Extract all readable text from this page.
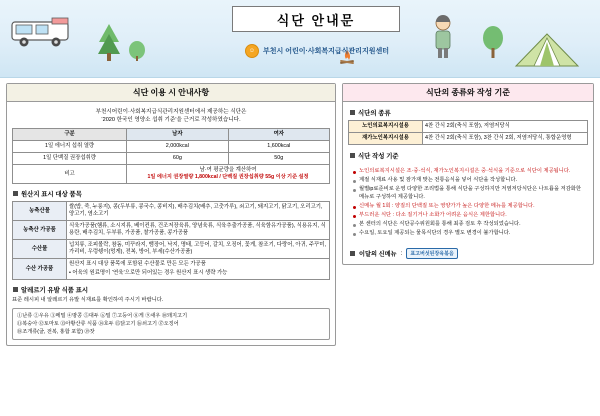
식단 안내문
☺	부천시 어린이·사회복지급식관리지원센터
식단 이용 시 안내사항
부천시어린이·사회복지급식관리지원센터에서 제공하는 식단은
‘2020 한국인 영양소 섭취 기준’을 근거로 작성하였습니다.
구분	남자	여자
1일 에너지 섭취 열량	2,000kcal	1,600kcal
1일 단백질 권장섭취량	60g	50g
비고	남·여 평균량을 계산하여
1일 에너지 권장열량 1,800kcal / 단백질 권장섭취량 55g 이상 기준 설정	
원산지 표시 대상 품목
농축산물	쌀(밥, 죽, 누룽지), 콩(두부류, 콩국수, 콩비지), 배추김치(배추, 고춧가루), 쇠고기, 돼지고기, 닭고기, 오리고기, 양고기, 염소고기
농축산 가공품	식육가공품(햄류, 소시지류, 베이컨류, 건조저장육류, 양념육류, 식육추출가공품, 식육함유가공품), 식용유지, 식용란, 배추김치, 두부류, 가공품, 찰가공품, 콩가공품
수산물	넙치류, 조피볼락, 참돔, 미꾸라지, 뱀장어, 낙지, 명태, 고등어, 갈치, 오징어, 꽃게, 참조기, 다랑어, 아귀, 주꾸미, 가리비, 우렁쉥이(멍게), 전복, 방어, 부세(수산가공품)
수산 가공품	원산지 표시 대상 품목에 포함된 수산물로 만든 모든 가공품
• 어육의 원료명이 ‘연육’으로만 되어있는 경우 원산지 표시 생략 가능
알레르기 유발 식품 표시
표준 레시피 내 알레르기 유발 식재료를 확인하여 주시기 바랍니다.
①난류 ②우유 ③메밀 ④땅콩 ⑤대두 ⑥밀 ⑦고등어 ⑧게 ⑨새우 ⑩돼지고기
⑪복숭아 ⑫토마토 ⑬아황산류 식품 ⑭호두 ⑮닭고기 ⑯쇠고기 ⑰오징어
⑱조개류(굴, 전복, 홍합 포함) ⑲잣
식단의 종류와 작성 기준
식단의 종류
노인의료복지시설용	4찬 간식 2회(축식 포함), 저염저당식
재가노인복지시설용	4찬 간식 2회(축식 포함), 3찬 간식 2회, 저염저당식, 통합운영형
식단 작성 기준
노인의료복지시설은 조·중·석식, 재가노인복지시설은 중·석식을 기준으로 식단이 제공됩니다.
계절 식재료 사용 및 잠가재 맞는 전통음식을 넣어 식단을 작성합니다.
월별ір료준비로 운영 다양한 조리법을 통해 식단을 구성하지만 저염저당식단은 나트륨을 저감화한 메뉴로 구성하여 제공합니다.
신메뉴 월 1회 : 양질의 단백질 또는 영양가가 높은 다양한 메뉴를 제공합니다.
부드러운 식단 : 다소 질기거나 소화가 어려운 음식은 제한합니다.
본 센터의 식단은 식단공수위원회를 통해 최종 검토 후 작성되었습니다.
수요일, 토요일 제공되는 물목식단의 경우 별도 변경이 불가합니다.
이달의 신메뉴 :	표고버섯된장육볶음
